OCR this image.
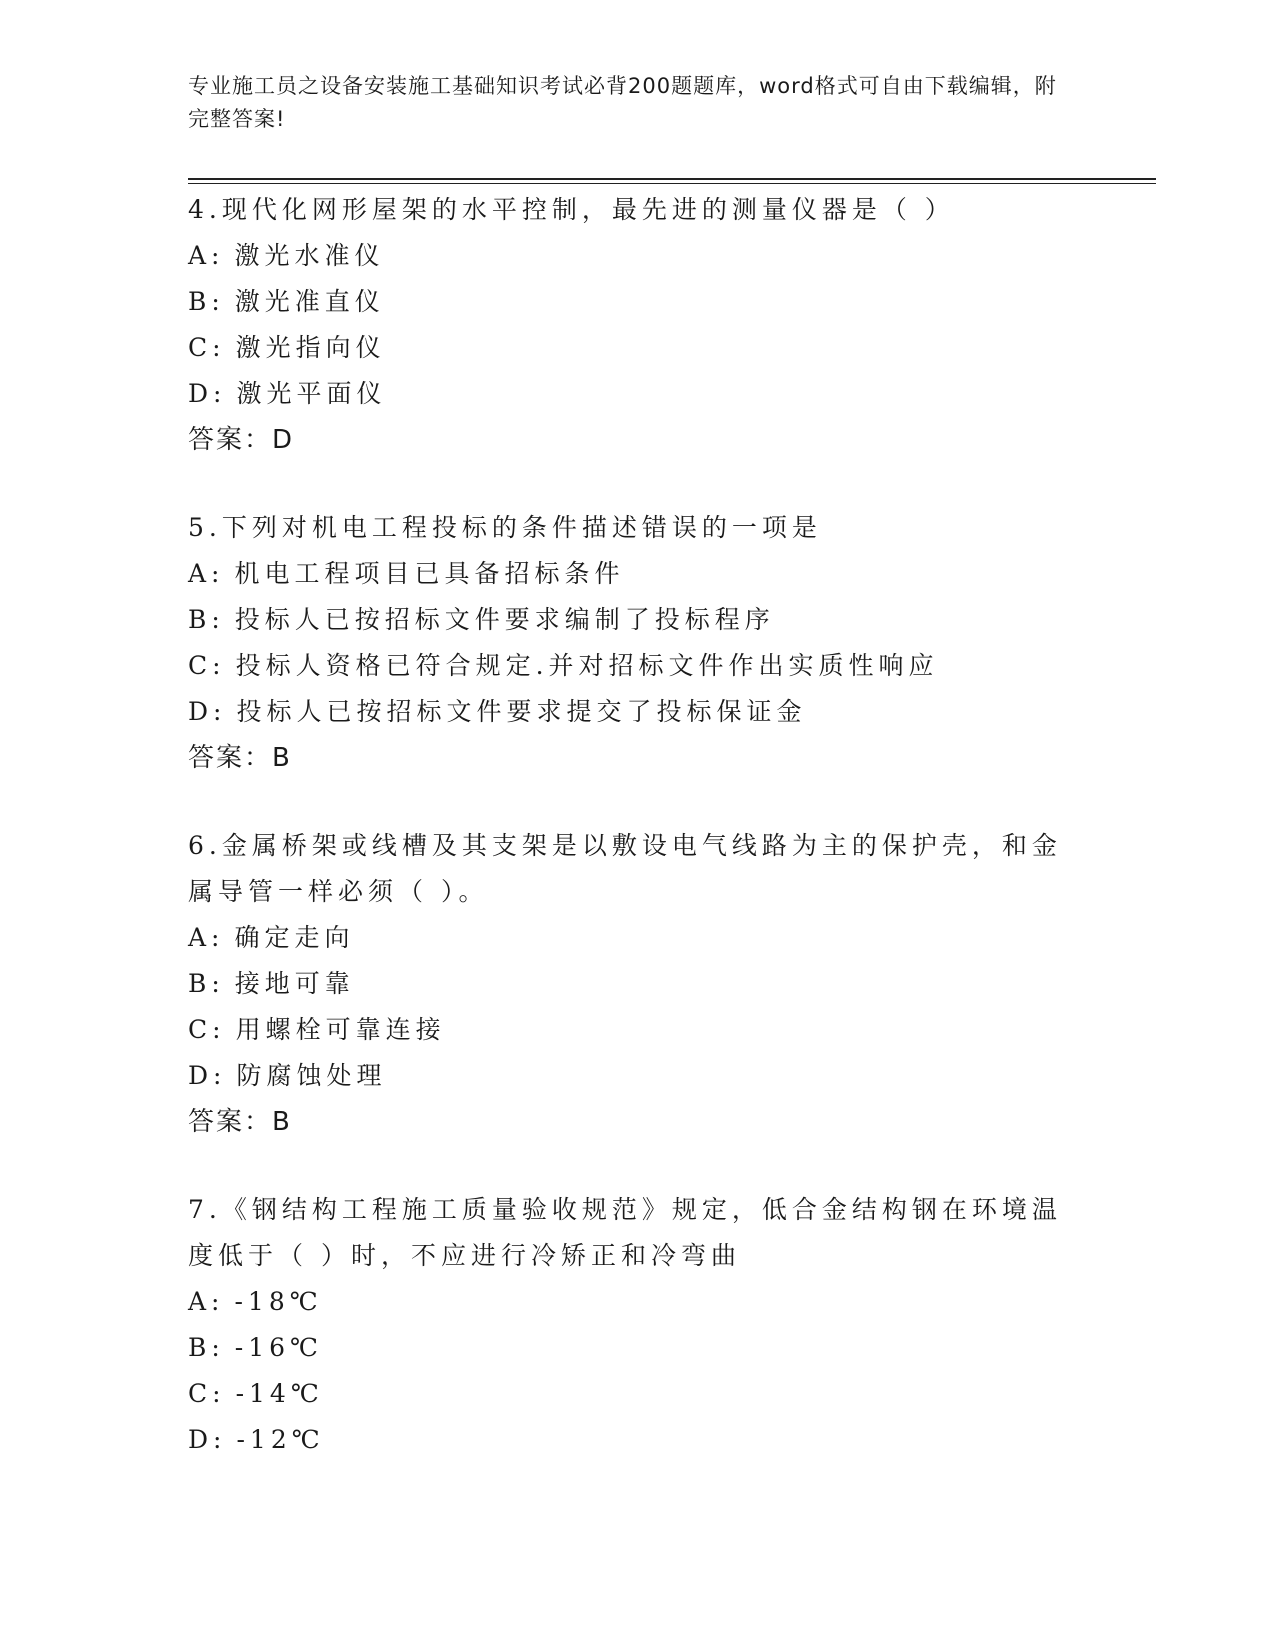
专业施工员之设备安装施工基础知识考试必背200题题库，word格式可自由下载编辑，附完整答案!
4.现代化网形屋架的水平控制，最先进的测量仪器是（ ）
A: 激光水准仪
B: 激光准直仪
C: 激光指向仪
D: 激光平面仪
答案：D
5.下列对机电工程投标的条件描述错误的一项是
A: 机电工程项目已具备招标条件
B: 投标人已按招标文件要求编制了投标程序
C: 投标人资格已符合规定.并对招标文件作出实质性响应
D: 投标人已按招标文件要求提交了投标保证金
答案：B
6.金属桥架或线槽及其支架是以敷设电气线路为主的保护壳，和金属导管一样必须（ ）。
A: 确定走向
B: 接地可靠
C: 用螺栓可靠连接
D: 防腐蚀处理
答案：B
7.《钢结构工程施工质量验收规范》规定，低合金结构钢在环境温度低于（ ）时，不应进行冷矫正和冷弯曲
A: -18℃
B: -16℃
C: -14℃
D: -12℃
